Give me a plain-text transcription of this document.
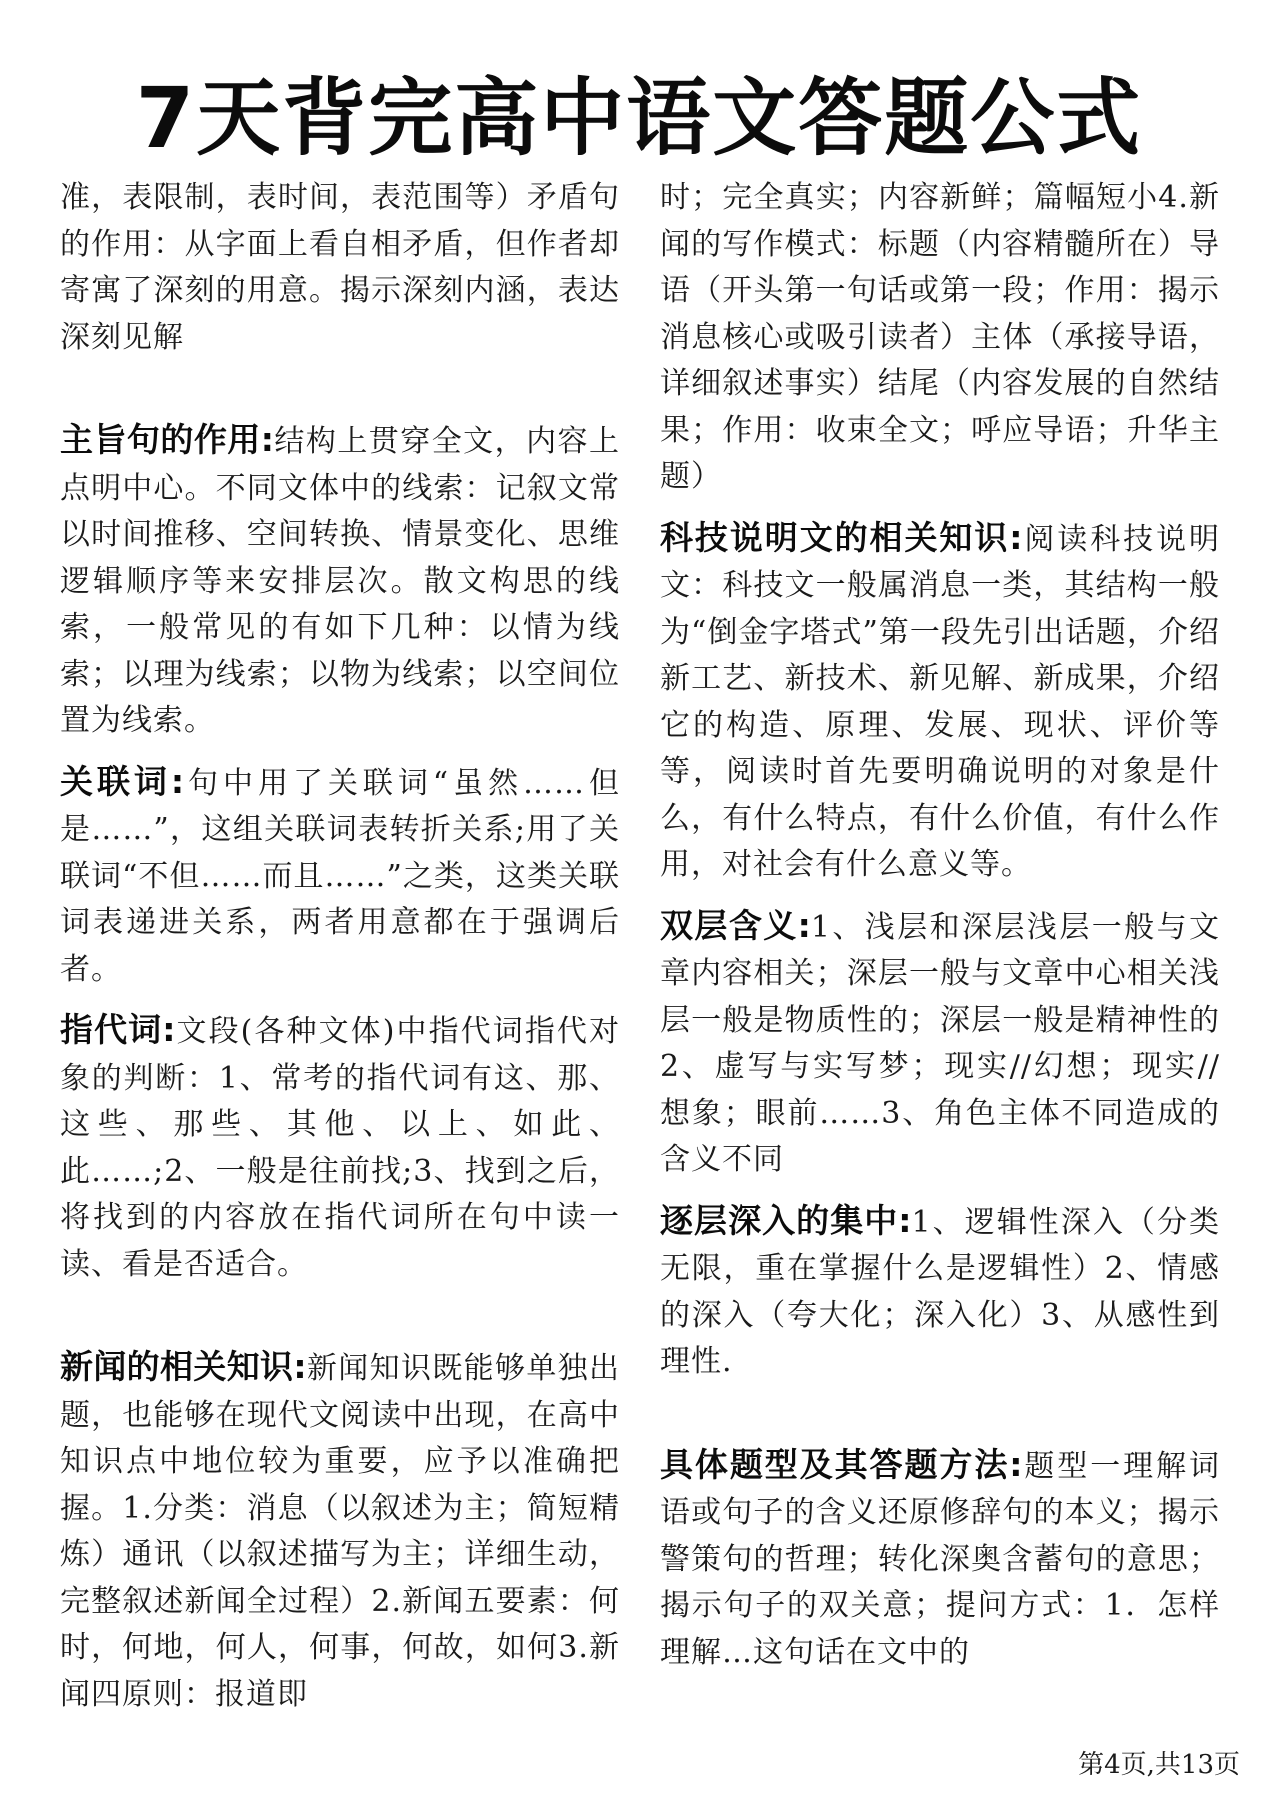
7天背完高中语文答题公式

准，表限制，表时间，表范围等）矛盾句的作用：从字面上看自相矛盾，但作者却寄寓了深刻的用意。揭示深刻内涵，表达深刻见解

主旨句的作用:结构上贯穿全文，内容上点明中心。不同文体中的线索：记叙文常以时间推移、空间转换、情景变化、思维逻辑顺序等来安排层次。散文构思的线索，一般常见的有如下几种：以情为线索；以理为线索；以物为线索；以空间位置为线索。

关联词:句中用了关联词“虽然……但是……”，这组关联词表转折关系;用了关联词“不但……而且……”之类，这类关联词表递进关系，两者用意都在于强调后者。

指代词:文段(各种文体)中指代词指代对象的判断：1、常考的指代词有这、那、这些、那些、其他、以上、如此、此……;2、一般是往前找;3、找到之后，将找到的内容放在指代词所在句中读一读、看是否适合。

新闻的相关知识:新闻知识既能够单独出题，也能够在现代文阅读中出现，在高中知识点中地位较为重要，应予以准确把握。1.分类：消息（以叙述为主；简短精炼）通讯（以叙述描写为主；详细生动，完整叙述新闻全过程）2.新闻五要素：何时，何地，何人，何事，何故，如何3.新闻四原则：报道即

时；完全真实；内容新鲜；篇幅短小4.新闻的写作模式：标题（内容精髓所在）导语（开头第一句话或第一段；作用：揭示消息核心或吸引读者）主体（承接导语，详细叙述事实）结尾（内容发展的自然结果；作用：收束全文；呼应导语；升华主题）

科技说明文的相关知识:阅读科技说明文：科技文一般属消息一类，其结构一般为“倒金字塔式”第一段先引出话题，介绍新工艺、新技术、新见解、新成果，介绍它的构造、原理、发展、现状、评价等等，阅读时首先要明确说明的对象是什么，有什么特点，有什么价值，有什么作用，对社会有什么意义等。

双层含义:1、浅层和深层浅层一般与文章内容相关；深层一般与文章中心相关浅层一般是物质性的；深层一般是精神性的2、虚写与实写梦；现实//幻想；现实//想象；眼前……3、角色主体不同造成的含义不同

逐层深入的集中:1、逻辑性深入（分类无限，重在掌握什么是逻辑性）2、情感的深入（夸大化；深入化）3、从感性到理性.

具体题型及其答题方法:题型一理解词语或句子的含义还原修辞句的本义；揭示警策句的哲理；转化深奥含蓄句的意思；揭示句子的双关意；提问方式：1．怎样理解…这句话在文中的

第4页,共13页
